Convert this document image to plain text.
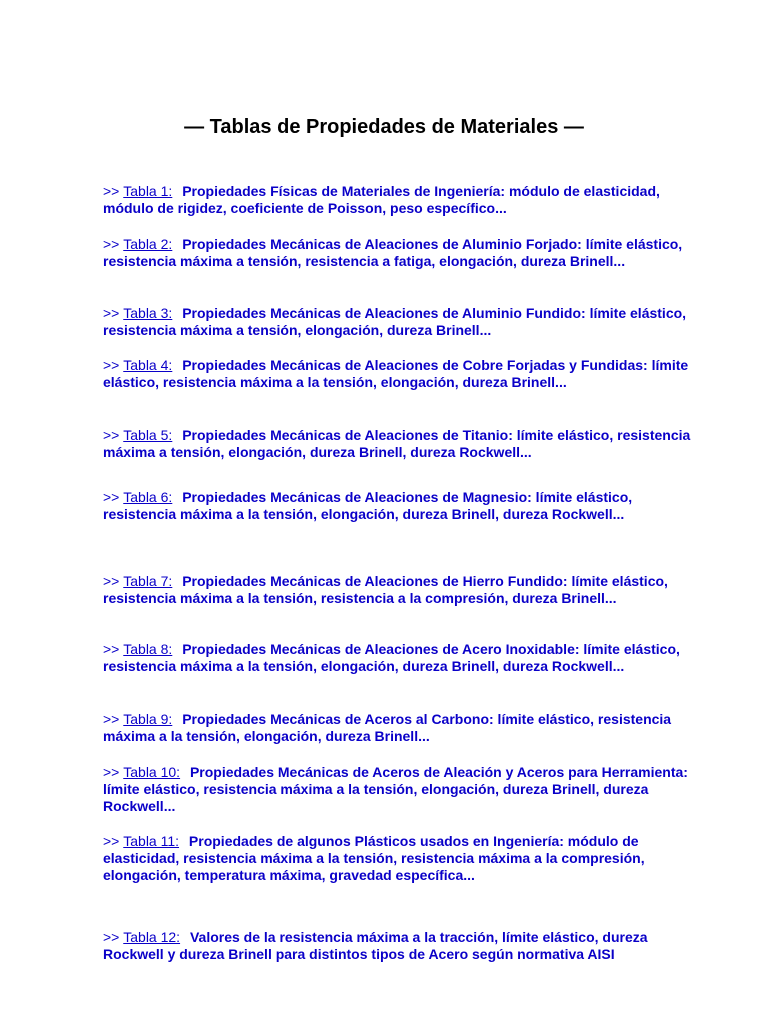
— Tablas de Propiedades de Materiales —
>> Tabla 1: Propiedades Físicas de Materiales de Ingeniería: módulo de elasticidad, módulo de rigidez, coeficiente de Poisson, peso específico...
>> Tabla 2: Propiedades Mecánicas de Aleaciones de Aluminio Forjado: límite elástico, resistencia máxima a tensión, resistencia a fatiga, elongación, dureza Brinell...
>> Tabla 3: Propiedades Mecánicas de Aleaciones de Aluminio Fundido: límite elástico, resistencia máxima a tensión, elongación, dureza Brinell...
>> Tabla 4: Propiedades Mecánicas de Aleaciones de Cobre Forjadas y Fundidas: límite elástico, resistencia máxima a la tensión, elongación, dureza Brinell...
>> Tabla 5: Propiedades Mecánicas de Aleaciones de Titanio: límite elástico, resistencia máxima a tensión, elongación, dureza Brinell, dureza Rockwell...
>> Tabla 6: Propiedades Mecánicas de Aleaciones de Magnesio: límite elástico, resistencia máxima a la tensión, elongación, dureza Brinell, dureza Rockwell...
>> Tabla 7: Propiedades Mecánicas de Aleaciones de Hierro Fundido: límite elástico, resistencia máxima a la tensión, resistencia a la compresión, dureza Brinell...
>> Tabla 8: Propiedades Mecánicas de Aleaciones de Acero Inoxidable: límite elástico, resistencia máxima a la tensión, elongación, dureza Brinell, dureza Rockwell...
>> Tabla 9: Propiedades Mecánicas de Aceros al Carbono: límite elástico, resistencia máxima a la tensión, elongación, dureza Brinell...
>> Tabla 10: Propiedades Mecánicas de Aceros de Aleación y Aceros para Herramienta: límite elástico, resistencia máxima a la tensión, elongación, dureza Brinell, dureza Rockwell...
>> Tabla 11: Propiedades de algunos Plásticos usados en Ingeniería: módulo de elasticidad, resistencia máxima a la tensión, resistencia máxima a la compresión, elongación, temperatura máxima, gravedad específica...
>> Tabla 12: Valores de la resistencia máxima a la tracción, límite elástico, dureza Rockwell y dureza Brinell para distintos tipos de Acero según normativa AISI
